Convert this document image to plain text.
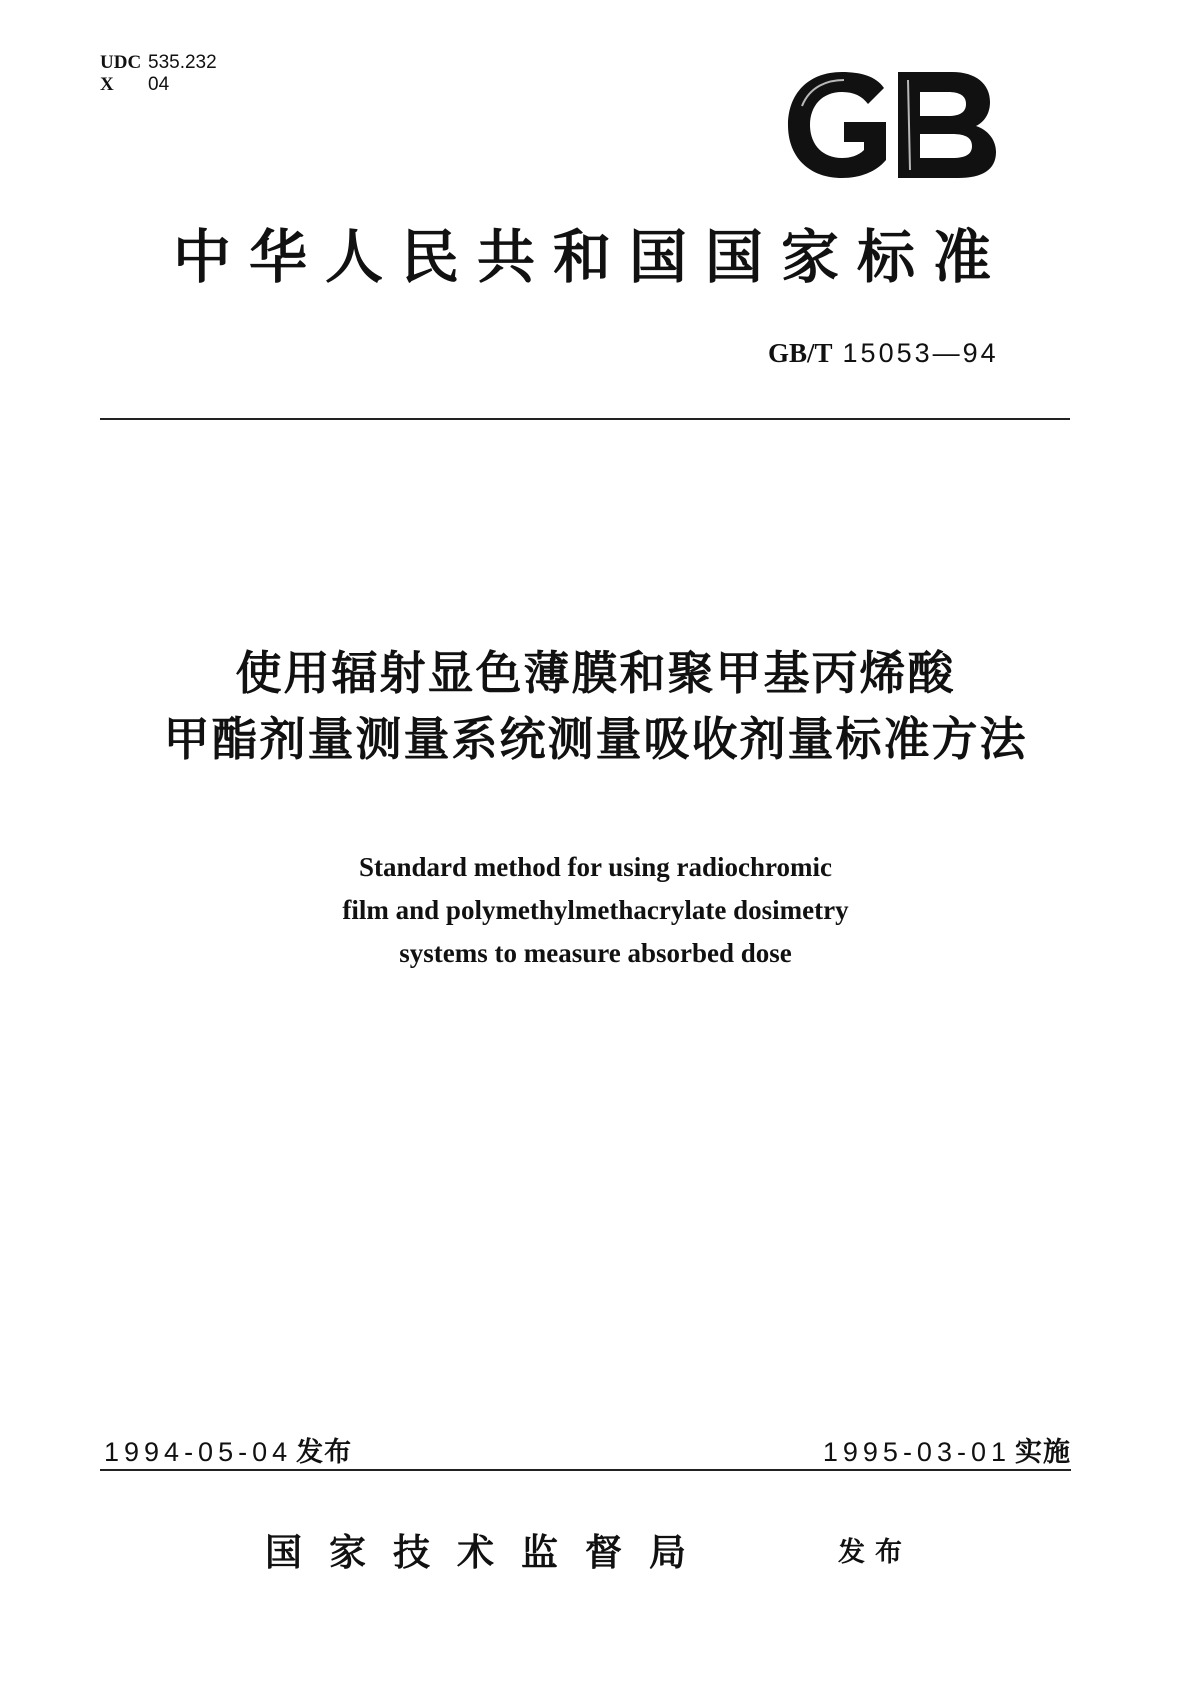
UDC 535.232
X 04
中华人民共和国国家标准
GB/T 15053—94
使用辐射显色薄膜和聚甲基丙烯酸
甲酯剂量测量系统测量吸收剂量标准方法
Standard method for using radiochromic
film and polymethylmethacrylate dosimetry
systems to measure absorbed dose
1994-05-04 发布	1995-03-01 实施
国家技术监督局	发布
